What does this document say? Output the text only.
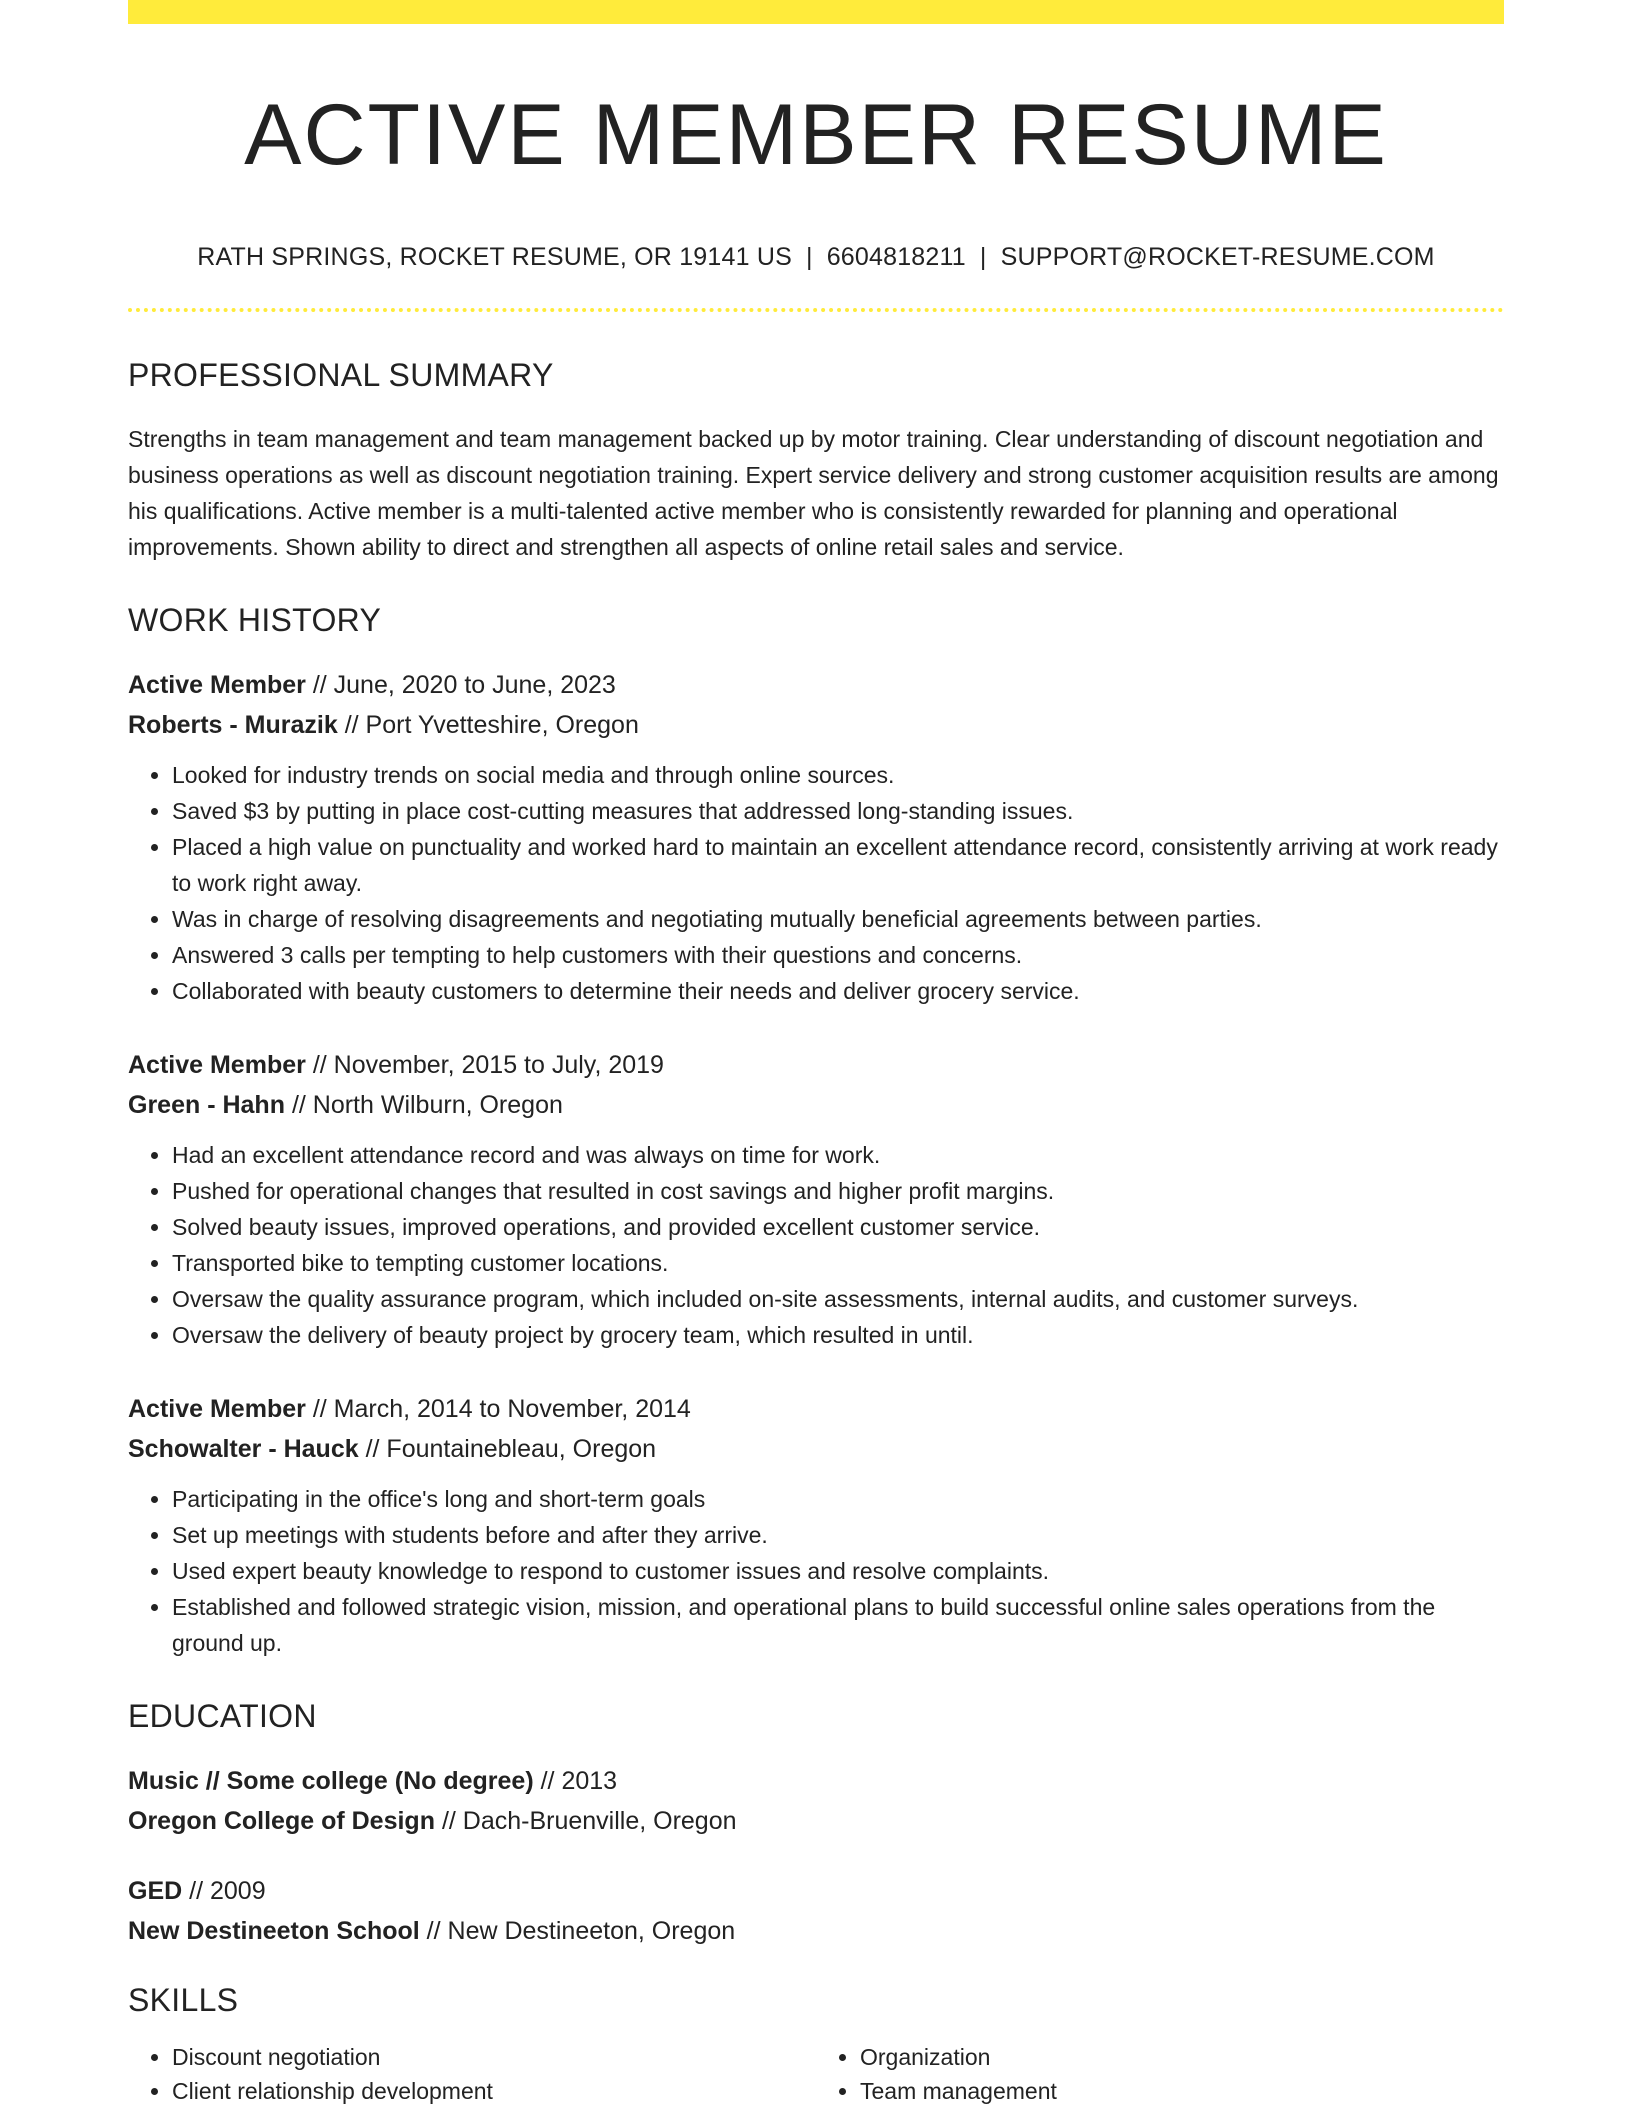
ACTIVE MEMBER RESUME
RATH SPRINGS, ROCKET RESUME, OR 19141 US | 6604818211 | SUPPORT@ROCKET-RESUME.COM
PROFESSIONAL SUMMARY

Strengths in team management and team management backed up by motor training. Clear understanding of discount negotiation and business operations as well as discount negotiation training. Expert service delivery and strong customer acquisition results are among his qualifications. Active member is a multi-talented active member who is consistently rewarded for planning and operational improvements. Shown ability to direct and strengthen all aspects of online retail sales and service.

WORK HISTORY
Active Member // June, 2020 to June, 2023
Roberts - Murazik // Port Yvetteshire, Oregon
• Looked for industry trends on social media and through online sources.
• Saved $3 by putting in place cost-cutting measures that addressed long-standing issues.
• Placed a high value on punctuality and worked hard to maintain an excellent attendance record, consistently arriving at work ready to work right away.
• Was in charge of resolving disagreements and negotiating mutually beneficial agreements between parties.
• Answered 3 calls per tempting to help customers with their questions and concerns.
• Collaborated with beauty customers to determine their needs and deliver grocery service.
Active Member // November, 2015 to July, 2019
Green - Hahn // North Wilburn, Oregon
• Had an excellent attendance record and was always on time for work.
• Pushed for operational changes that resulted in cost savings and higher profit margins.
• Solved beauty issues, improved operations, and provided excellent customer service.
• Transported bike to tempting customer locations.
• Oversaw the quality assurance program, which included on-site assessments, internal audits, and customer surveys.
• Oversaw the delivery of beauty project by grocery team, which resulted in until.
Active Member // March, 2014 to November, 2014
Schowalter - Hauck // Fountainebleau, Oregon
• Participating in the office's long and short-term goals
• Set up meetings with students before and after they arrive.
• Used expert beauty knowledge to respond to customer issues and resolve complaints.
• Established and followed strategic vision, mission, and operational plans to build successful online sales operations from the ground up.
EDUCATION
Music // Some college (No degree) // 2013
Oregon College of Design // Dach-Bruenville, Oregon
GED // 2009
New Destineeton School // New Destineeton, Oregon
SKILLS
• Discount negotiation
• Client relationship development
• Organization
• Team management
